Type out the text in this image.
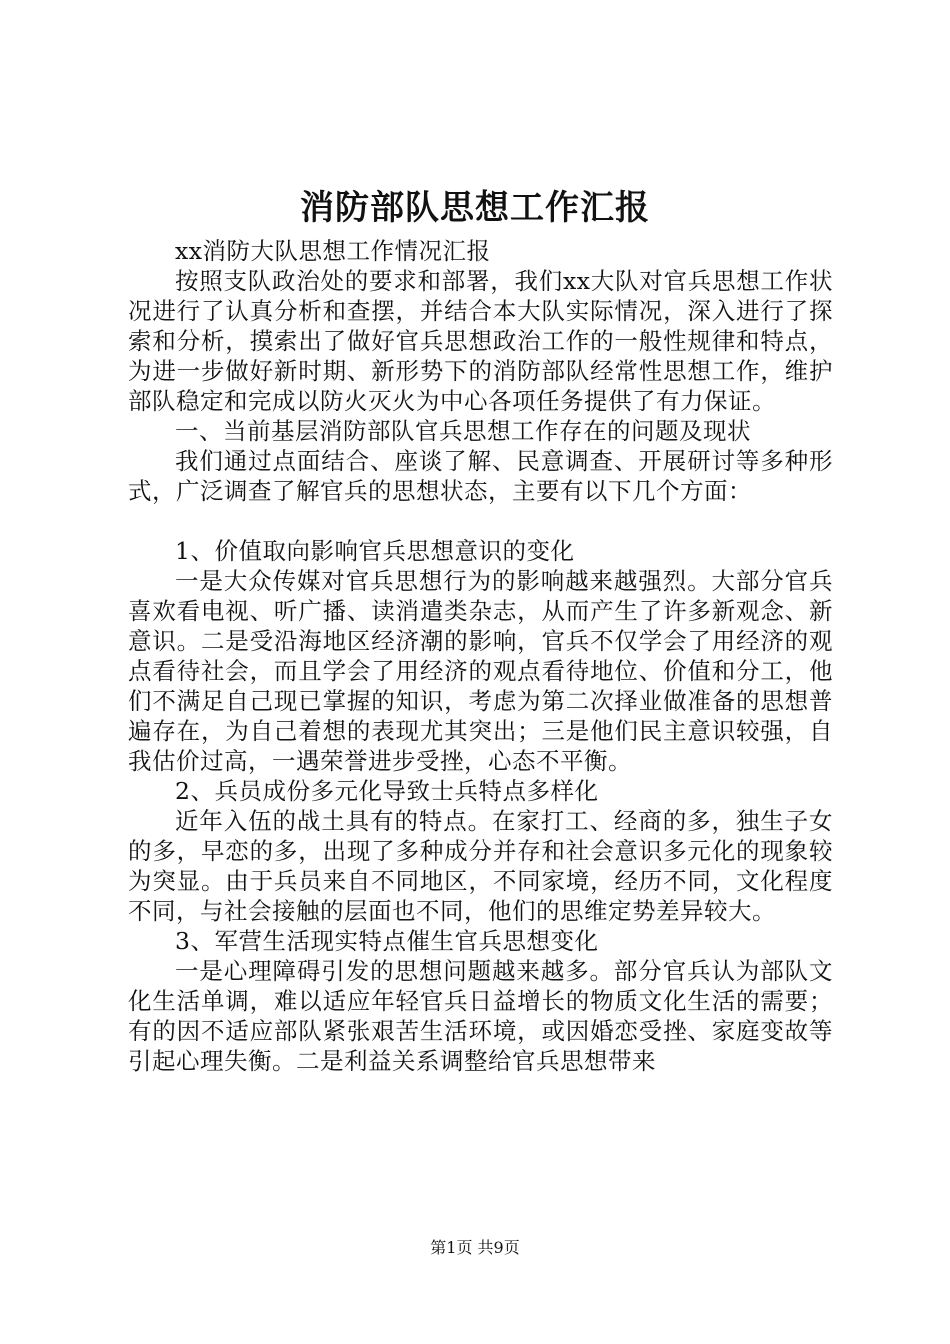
消防部队思想工作汇报

xx消防大队思想工作情况汇报

按照支队政治处的要求和部署，我们xx大队对官兵思想工作状况进行了认真分析和查摆，并结合本大队实际情况，深入进行了探索和分析，摸索出了做好官兵思想政治工作的一般性规律和特点，为进一步做好新时期、新形势下的消防部队经常性思想工作，维护部队稳定和完成以防火灭火为中心各项任务提供了有力保证。

一、当前基层消防部队官兵思想工作存在的问题及现状

我们通过点面结合、座谈了解、民意调查、开展研讨等多种形式，广泛调查了解官兵的思想状态，主要有以下几个方面：

1、价值取向影响官兵思想意识的变化

一是大众传媒对官兵思想行为的影响越来越强烈。大部分官兵喜欢看电视、听广播、读消遣类杂志，从而产生了许多新观念、新意识。二是受沿海地区经济潮的影响，官兵不仅学会了用经济的观点看待社会，而且学会了用经济的观点看待地位、价值和分工，他们不满足自己现已掌握的知识，考虑为第二次择业做准备的思想普遍存在，为自己着想的表现尤其突出；三是他们民主意识较强，自我估价过高，一遇荣誉进步受挫，心态不平衡。

2、兵员成份多元化导致士兵特点多样化

近年入伍的战土具有的特点。在家打工、经商的多，独生子女的多，早恋的多，出现了多种成分并存和社会意识多元化的现象较为突显。由于兵员来自不同地区，不同家境，经历不同，文化程度不同，与社会接触的层面也不同，他们的思维定势差异较大。

3、军营生活现实特点催生官兵思想变化

一是心理障碍引发的思想问题越来越多。部分官兵认为部队文化生活单调，难以适应年轻官兵日益增长的物质文化生活的需要；有的因不适应部队紧张艰苦生活环境，或因婚恋受挫、家庭变故等引起心理失衡。二是利益关系调整给官兵思想带来

第1页 共9页
